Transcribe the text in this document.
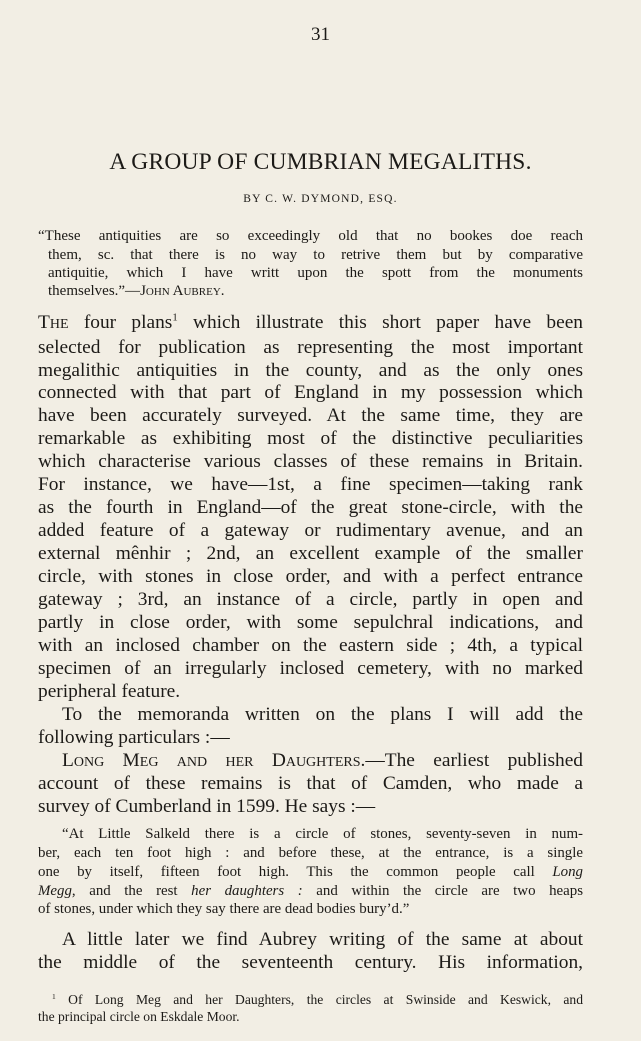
31
A GROUP OF CUMBRIAN MEGALITHS.
BY C. W. DYMOND, ESQ.
“These antiquities are so exceedingly old that no bookes doe reach
them, sc. that there is no way to retrive them but by comparative
antiquitie, which I have writt upon the spott from the monuments
themselves.”—John Aubrey.
The four plans$^1$ which illustrate this short paper have been
selected for publication as representing the most important
megalithic antiquities in the county, and as the only ones
connected with that part of England in my possession which
have been accurately surveyed. At the same time, they are
remarkable as exhibiting most of the distinctive peculiarities
which characterise various classes of these remains in Britain.
For instance, we have—1st, a fine specimen—taking rank
as the fourth in England—of the great stone-circle, with the
added feature of a gateway or rudimentary avenue, and an
external mênhir ; 2nd, an excellent example of the smaller
circle, with stones in close order, and with a perfect entrance
gateway ; 3rd, an instance of a circle, partly in open and
partly in close order, with some sepulchral indications, and
with an inclosed chamber on the eastern side ; 4th, a typical
specimen of an irregularly inclosed cemetery, with no marked
peripheral feature.
To the memoranda written on the plans I will add the
following particulars :—
Long Meg and her Daughters.—The earliest published
account of these remains is that of Camden, who made a
survey of Cumberland in 1599. He says :—
“At Little Salkeld there is a circle of stones, seventy-seven in num-
ber, each ten foot high : and before these, at the entrance, is a single
one by itself, fifteen foot high. This the common people call Long
Megg, and the rest her daughters : and within the circle are two heaps
of stones, under which they say there are dead bodies bury’d.”
A little later we find Aubrey writing of the same at about
the middle of the seventeenth century. His information,
$^1$ Of Long Meg and her Daughters, the circles at Swinside and Keswick, and
the principal circle on Eskdale Moor.
